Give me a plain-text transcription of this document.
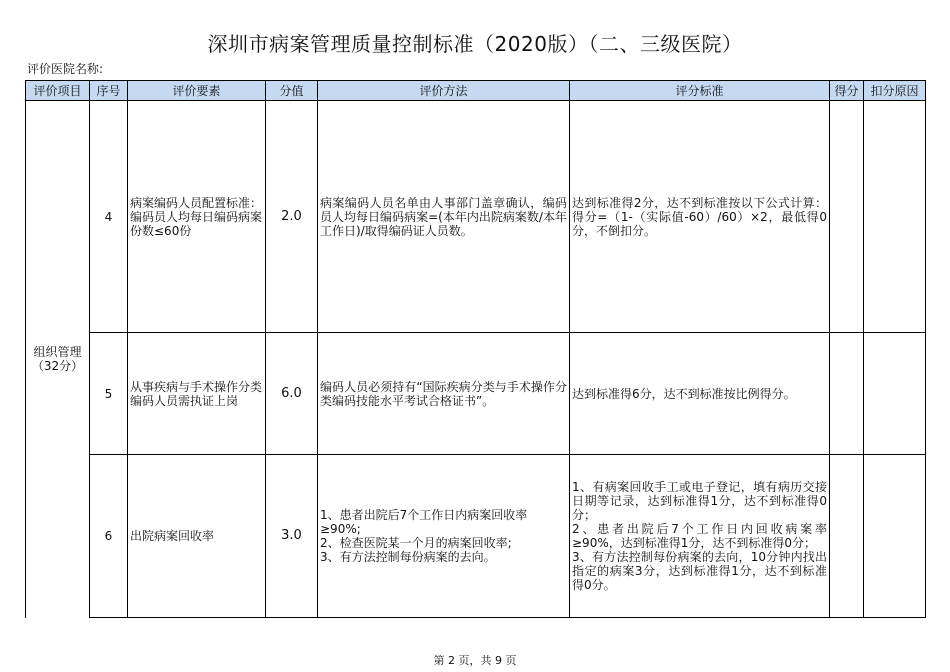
深圳市病案管理质量控制标准（2020版）（二、三级医院）
评价医院名称:
评价项目	序号	评价要素	分值	评价方法	评分标准	得分	扣分原因
组织管理
（32分）	4	病案编码人员配置标准：编码员人均每日编码病案份数≤60份	2.0	病案编码人员名单由人事部门盖章确认，编码员人均每日编码病案=(本年内出院病案数/本年工作日)/取得编码证人员数。	达到标准得2分，达不到标准按以下公式计算：得分=（1-（实际值-60）/60）×2，最低得0分，不倒扣分。		
	5	从事疾病与手术操作分类编码人员需执证上岗	6.0	编码人员必须持有“国际疾病分类与手术操作分类编码技能水平考试合格证书”。	达到标准得6分，达不到标准按比例得分。		
	6	出院病案回收率	3.0	1、患者出院后7个工作日内病案回收率≥90%;
2、检查医院某一个月的病案回收率;
3、有方法控制每份病案的去向。	1、有病案回收手工或电子登记，填有病历交接日期等记录，达到标准得1分，达不到标准得0分；
2、患者出院后7个工作日内回收病案率≥90%，达到标准得1分，达不到标准得0分；
3、有方法控制每份病案的去向，10分钟内找出指定的病案3分，达到标准得1分，达不到标准得0分。		
第 2 页，共 9 页
